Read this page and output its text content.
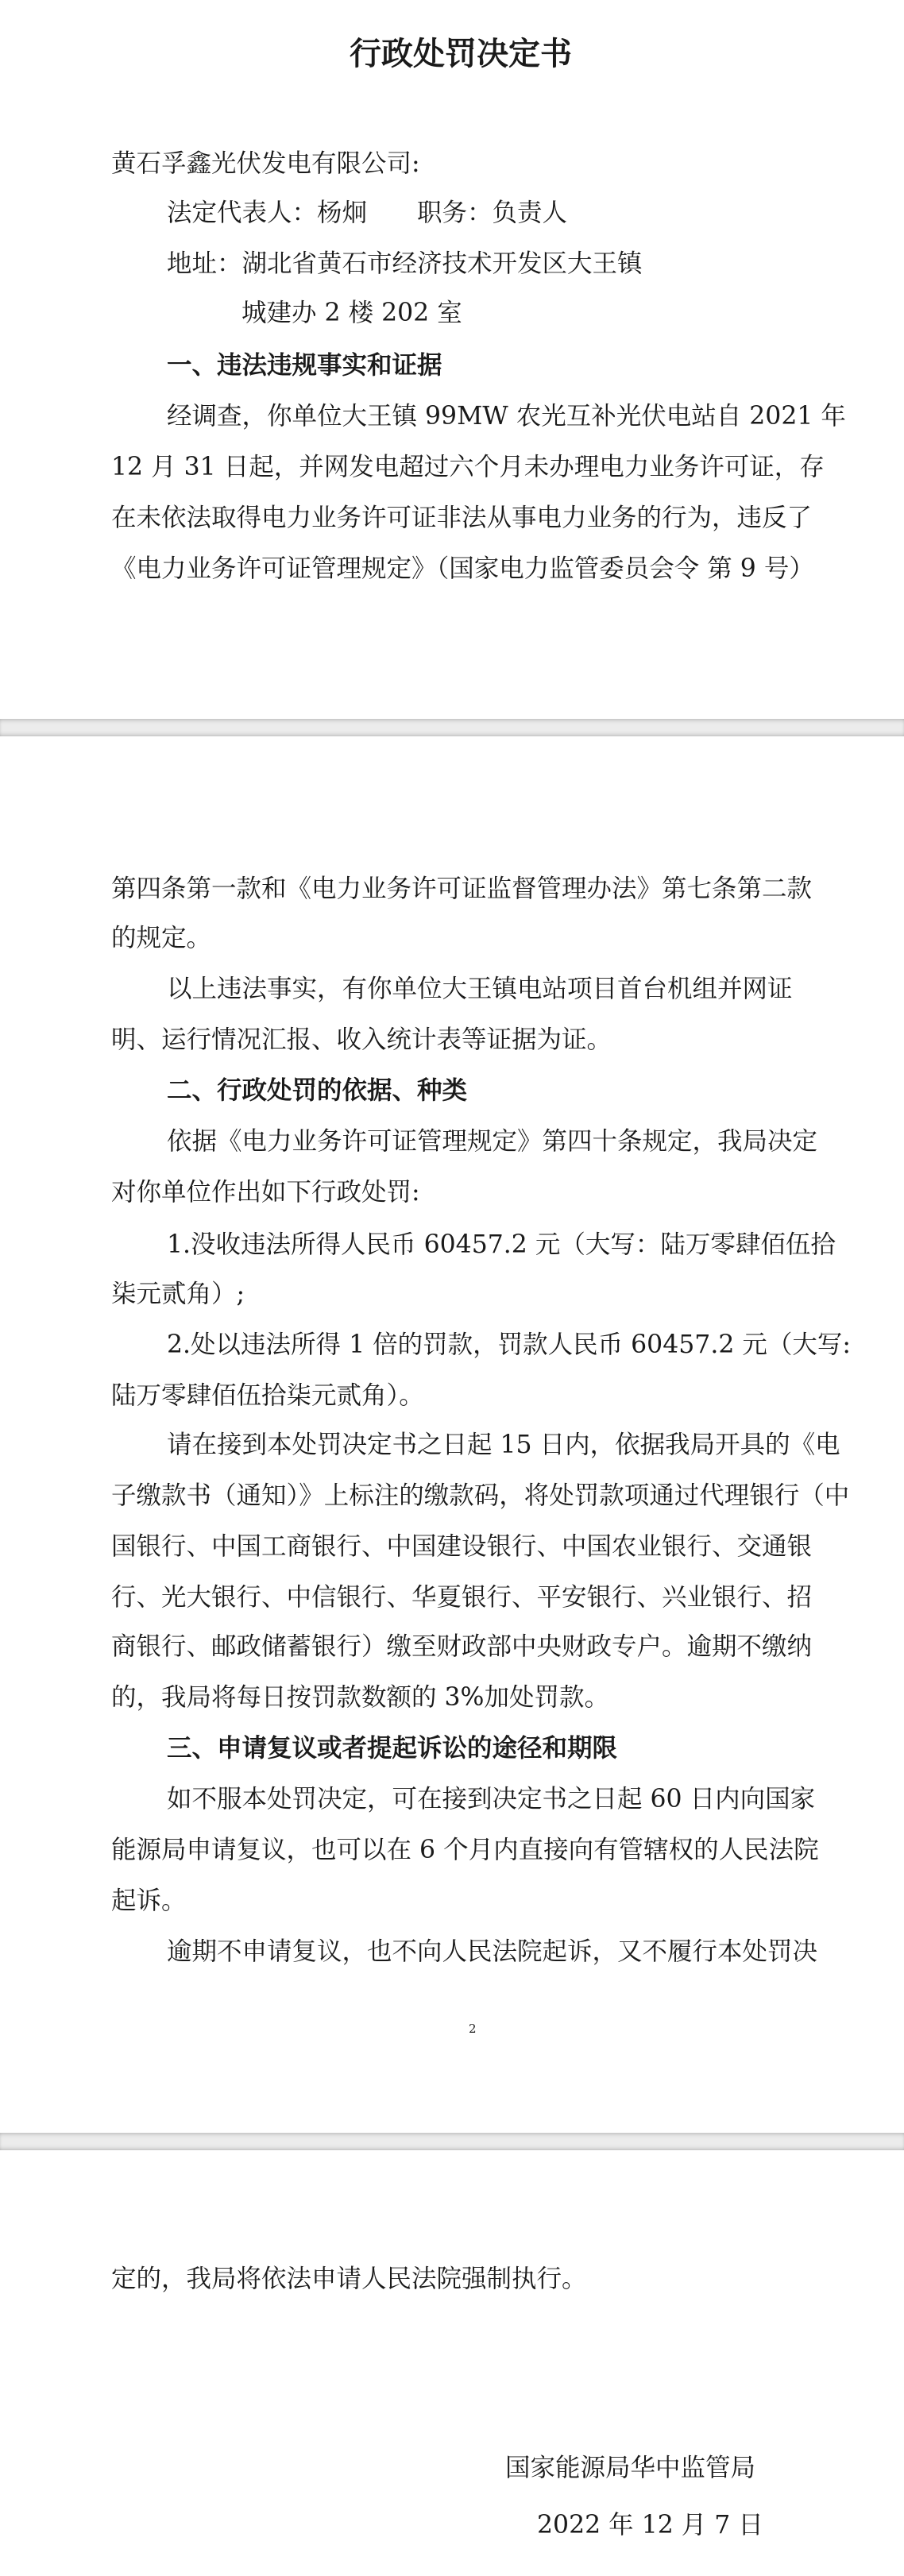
行政处罚决定书
黄石孚鑫光伏发电有限公司:
法定代表人：杨炯　　职务：负责人
地址：湖北省黄石市经济技术开发区大王镇
城建办 2 楼 202 室
一、违法违规事实和证据
经调查，你单位大王镇 99MW 农光互补光伏电站自 2021 年
12 月 31 日起，并网发电超过六个月未办理电力业务许可证，存
在未依法取得电力业务许可证非法从事电力业务的行为，违反了
《电力业务许可证管理规定》（国家电力监管委员会令 第 9 号）
第四条第一款和《电力业务许可证监督管理办法》第七条第二款
的规定。
以上违法事实，有你单位大王镇电站项目首台机组并网证
明、运行情况汇报、收入统计表等证据为证。
二、行政处罚的依据、种类
依据《电力业务许可证管理规定》第四十条规定，我局决定
对你单位作出如下行政处罚:
1.没收违法所得人民币 60457.2 元（大写：陆万零肆佰伍拾
柒元贰角）;
2.处以违法所得 1 倍的罚款，罚款人民币 60457.2 元（大写:
陆万零肆佰伍拾柒元贰角）。
请在接到本处罚决定书之日起 15 日内，依据我局开具的《电
子缴款书（通知）》上标注的缴款码，将处罚款项通过代理银行（中
国银行、中国工商银行、中国建设银行、中国农业银行、交通银
行、光大银行、中信银行、华夏银行、平安银行、兴业银行、招
商银行、邮政储蓄银行）缴至财政部中央财政专户。逾期不缴纳
的，我局将每日按罚款数额的 3%加处罚款。
三、申请复议或者提起诉讼的途径和期限
如不服本处罚决定，可在接到决定书之日起 60 日内向国家
能源局申请复议，也可以在 6 个月内直接向有管辖权的人民法院
起诉。
逾期不申请复议，也不向人民法院起诉，又不履行本处罚决
2
定的，我局将依法申请人民法院强制执行。
国家能源局华中监管局
2022 年 12 月 7 日
